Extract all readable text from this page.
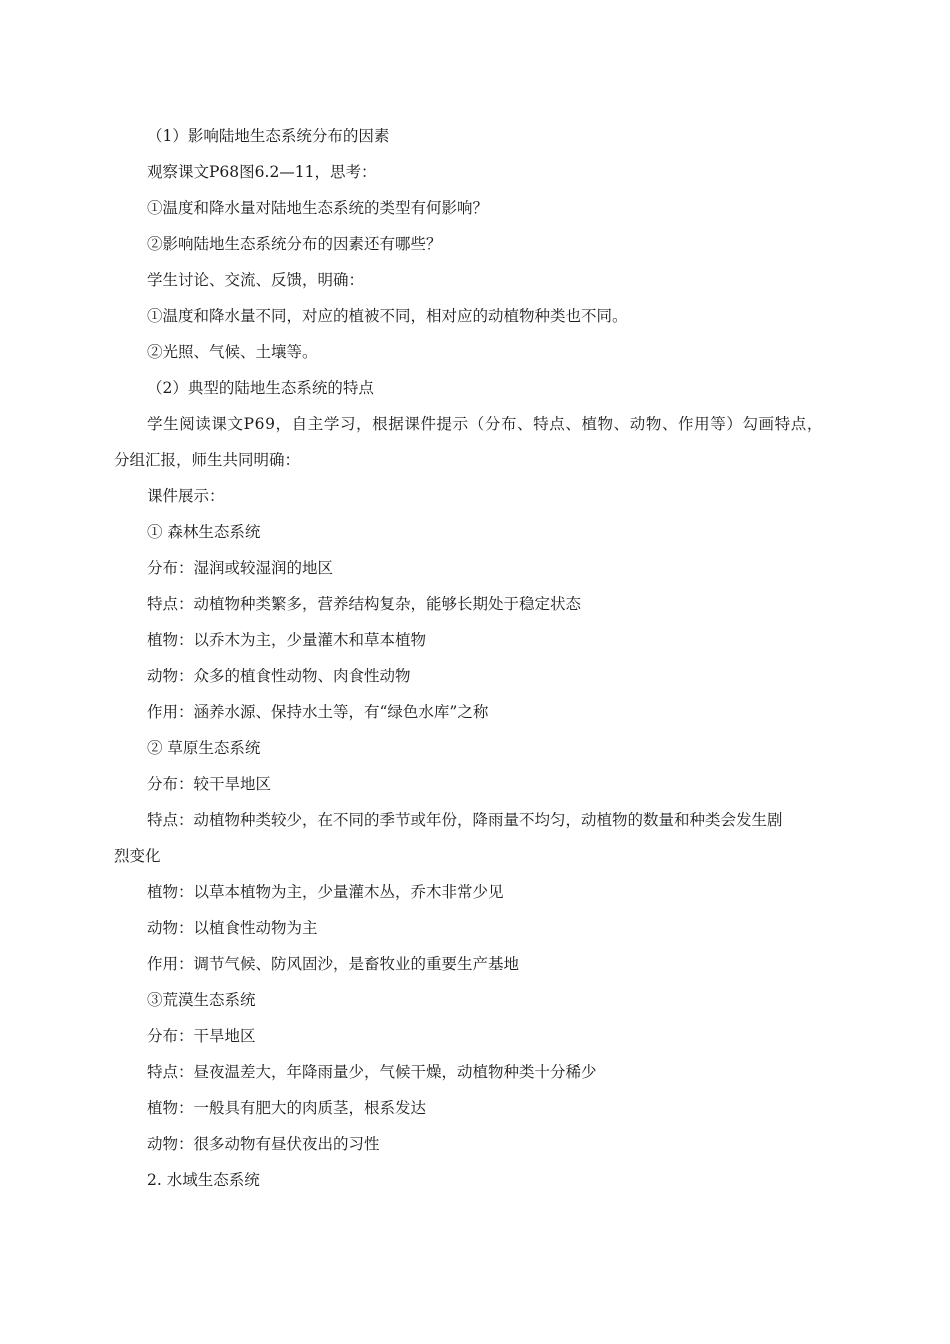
（1）影响陆地生态系统分布的因素
观察课文P68图6.2—11，思考：
①温度和降水量对陆地生态系统的类型有何影响？
②影响陆地生态系统分布的因素还有哪些？
学生讨论、交流、反馈，明确：
①温度和降水量不同，对应的植被不同，相对应的动植物种类也不同。
②光照、气候、土壤等。
（2）典型的陆地生态系统的特点
学生阅读课文P69，自主学习，根据课件提示（分布、特点、植物、动物、作用等）勾画特点，
分组汇报，师生共同明确：
课件展示：
① 森林生态系统
分布：湿润或较湿润的地区
特点：动植物种类繁多，营养结构复杂，能够长期处于稳定状态
植物：以乔木为主，少量灌木和草本植物
动物：众多的植食性动物、肉食性动物
作用：涵养水源、保持水土等，有“绿色水库”之称
② 草原生态系统
分布：较干旱地区
特点：动植物种类较少，在不同的季节或年份，降雨量不均匀，动植物的数量和种类会发生剧
烈变化
植物：以草本植物为主，少量灌木丛，乔木非常少见
动物：以植食性动物为主
作用：调节气候、防风固沙，是畜牧业的重要生产基地
③荒漠生态系统
分布：干旱地区
特点：昼夜温差大，年降雨量少，气候干燥，动植物种类十分稀少
植物：一般具有肥大的肉质茎，根系发达
动物：很多动物有昼伏夜出的习性
2. 水域生态系统
